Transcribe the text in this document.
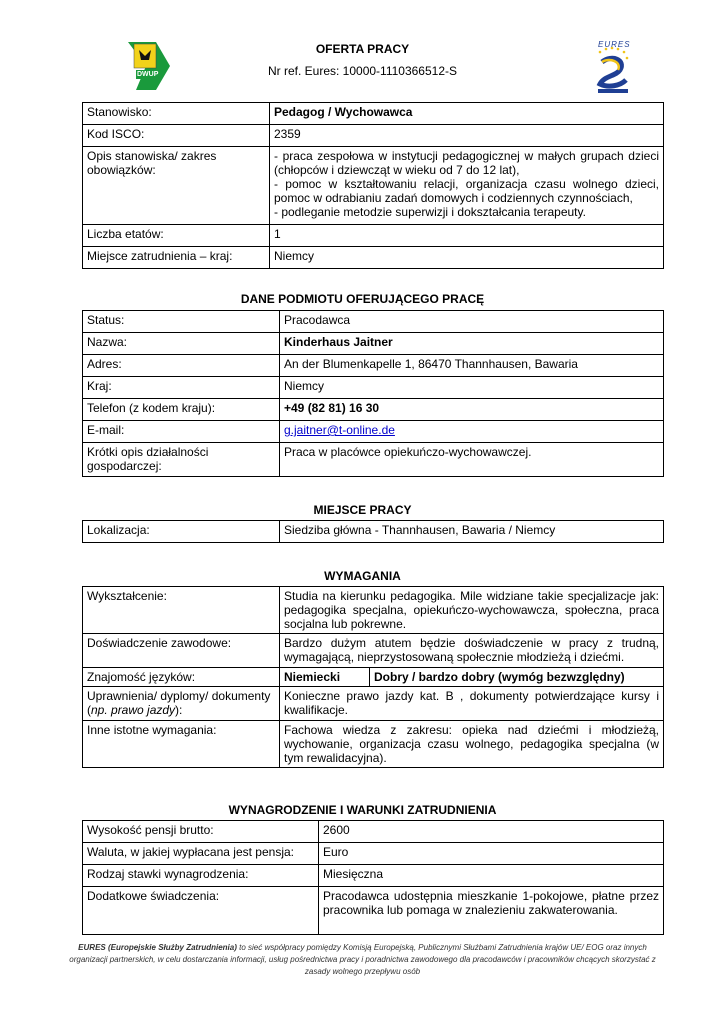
DWUP
EURES
OFERTA PRACY
Nr ref. Eures: 10000-1110366512-S
Stanowisko:	Pedagog / Wychowawca
Kod ISCO:	2359
Opis stanowiska/ zakres obowiązków:	- praca zespołowa w instytucji pedagogicznej w małych grupach dzieci (chłopców i dziewcząt w wieku od 7 do 12 lat),
- pomoc w kształtowaniu relacji, organizacja czasu wolnego dzieci, pomoc w odrabianiu zadań domowych i codziennych czynnościach,
- podleganie metodzie superwizji i dokształcania terapeuty.

Liczba etatów:	1
Miejsce zatrudnienia – kraj:	Niemcy
DANE PODMIOTU OFERUJĄCEGO PRACĘ
Status:	Pracodawca
Nazwa:	Kinderhaus Jaitner
Adres:	An der Blumenkapelle 1, 86470 Thannhausen, Bawaria
Kraj:	Niemcy
Telefon (z kodem kraju):	+49 (82 81) 16 30
E-mail:	g.jaitner@t-online.de
Krótki opis działalności gospodarczej:	Praca w placówce opiekuńczo-wychowawczej.
MIEJSCE PRACY
Lokalizacja:	Siedziba główna - Thannhausen, Bawaria / Niemcy
WYMAGANIA
Wykształcenie:	Studia na kierunku pedagogika. Mile widziane takie specjalizacje jak: pedagogika specjalna, opiekuńczo-wychowawcza, społeczna, praca socjalna lub pokrewne.	
Doświadczenie zawodowe:	Bardzo dużym atutem będzie doświadczenie w pracy z trudną, wymagającą, nieprzystosowaną społecznie młodzieżą i dziećmi.	
Znajomość języków:	Niemiecki	Dobry / bardzo dobry (wymóg bezwzględny)
Uprawnienia/ dyplomy/ dokumenty (np. prawo jazdy):	Konieczne prawo jazdy kat. B , dokumenty potwierdzające kursy i kwalifikacje.	
Inne istotne wymagania:	Fachowa wiedza z zakresu: opieka nad dziećmi i młodzieżą, wychowanie, organizacja czasu wolnego, pedagogika specjalna (w tym rewalidacyjna).	
WYNAGRODZENIE I WARUNKI ZATRUDNIENIA
Wysokość pensji brutto:	2600
Waluta, w jakiej wypłacana jest pensja:	Euro
Rodzaj stawki wynagrodzenia:	Miesięczna
Dodatkowe świadczenia:	Pracodawca udostępnia mieszkanie 1-pokojowe, płatne przez pracownika lub pomaga w znalezieniu zakwaterowania.
EURES (Europejskie Służby Zatrudnienia) to sieć współpracy pomiędzy Komisją Europejską, Publicznymi Służbami Zatrudnienia krajów UE/ EOG oraz innych organizacji partnerskich, w celu dostarczania informacji, usług pośrednictwa pracy i poradnictwa zawodowego dla pracodawców i pracowników chcących skorzystać z zasady wolnego przepływu osób
